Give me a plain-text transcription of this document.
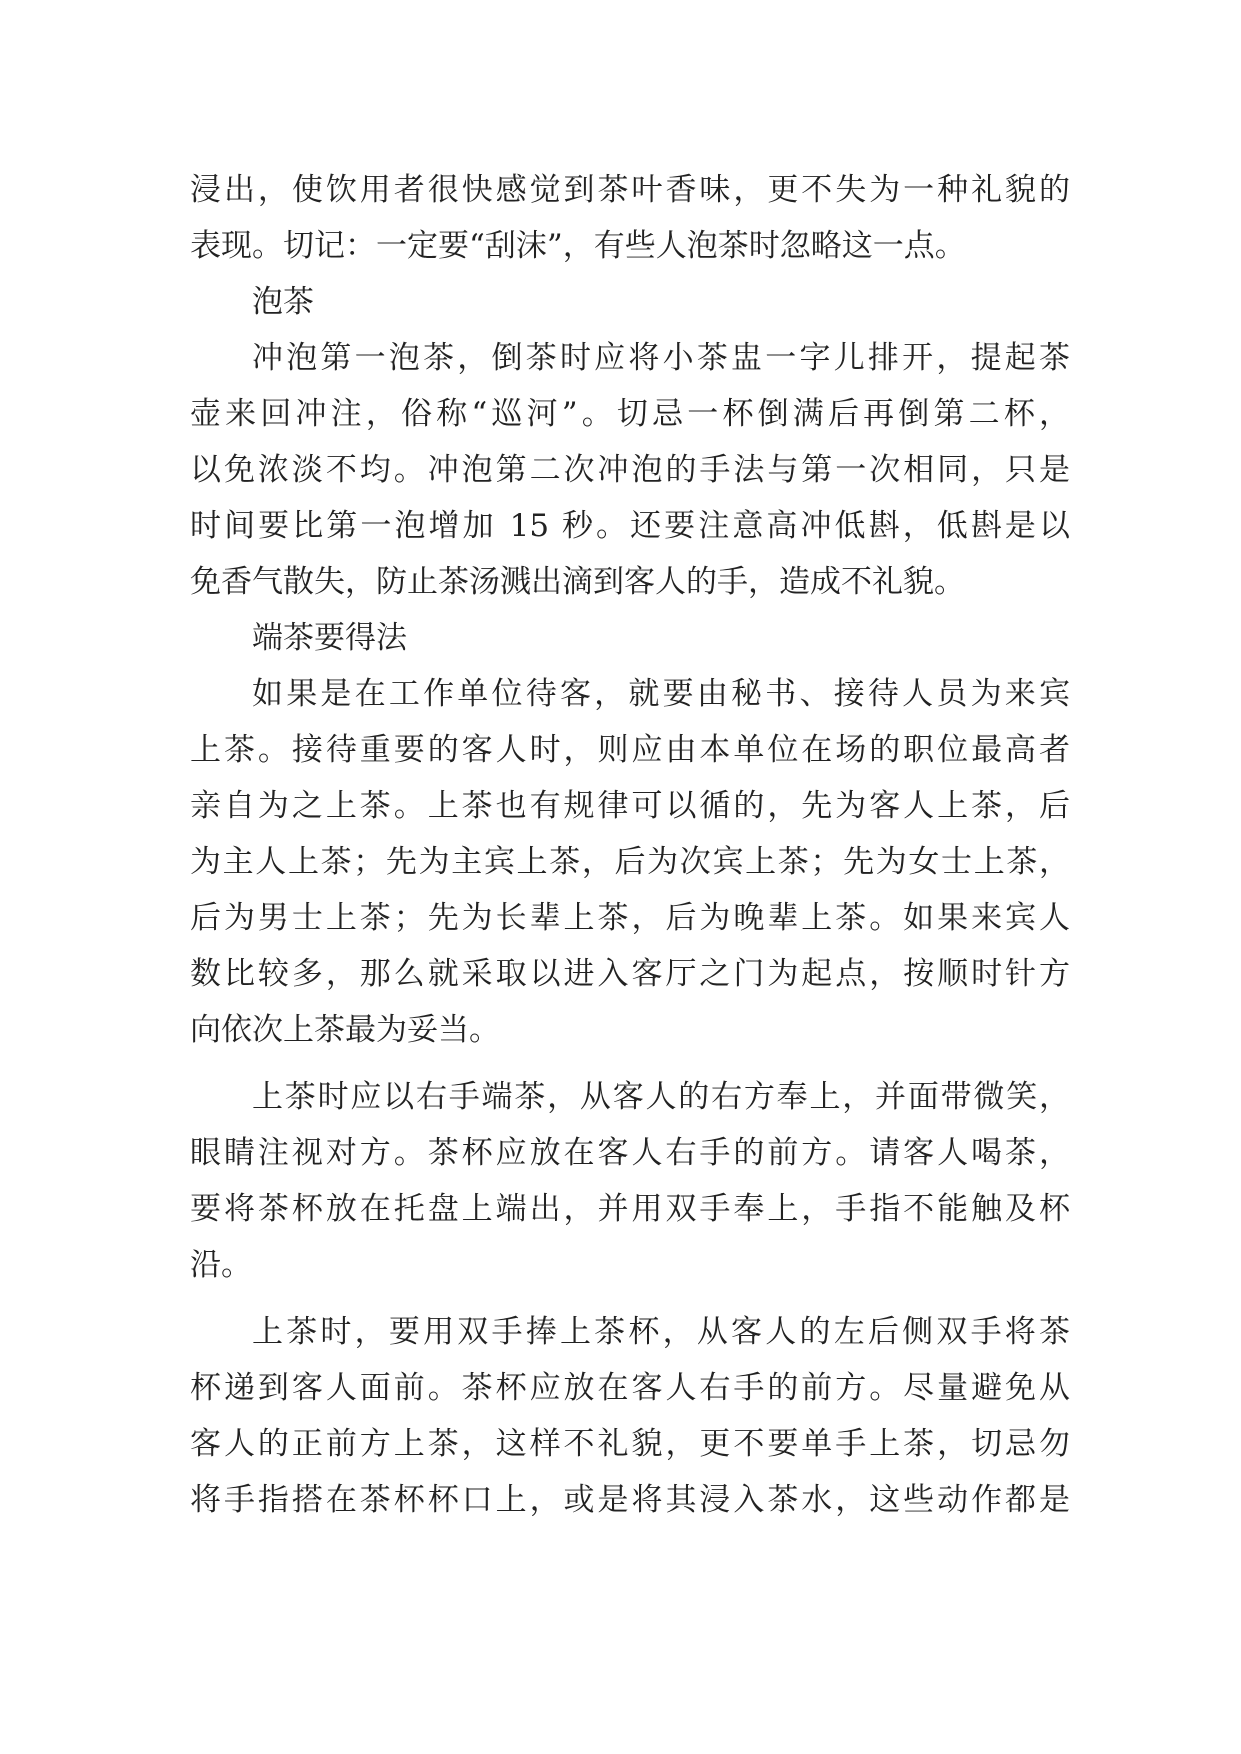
浸出，使饮用者很快感觉到茶叶香味，更不失为一种礼貌的
表现。切记：一定要“刮沫”，有些人泡茶时忽略这一点。
泡茶
冲泡第一泡茶，倒茶时应将小茶盅一字儿排开，提起茶
壶来回冲注，俗称“巡河”。切忌一杯倒满后再倒第二杯，
以免浓淡不均。冲泡第二次冲泡的手法与第一次相同，只是
时间要比第一泡增加 15 秒。还要注意高冲低斟，低斟是以
免香气散失，防止茶汤溅出滴到客人的手，造成不礼貌。
端茶要得法
如果是在工作单位待客，就要由秘书、接待人员为来宾
上茶。接待重要的客人时，则应由本单位在场的职位最高者
亲自为之上茶。上茶也有规律可以循的，先为客人上茶，后
为主人上茶；先为主宾上茶，后为次宾上茶；先为女士上茶，
后为男士上茶；先为长辈上茶，后为晚辈上茶。如果来宾人
数比较多，那么就采取以进入客厅之门为起点，按顺时针方
向依次上茶最为妥当。
上茶时应以右手端茶，从客人的右方奉上，并面带微笑，
眼睛注视对方。茶杯应放在客人右手的前方。请客人喝茶，
要将茶杯放在托盘上端出，并用双手奉上，手指不能触及杯
沿。
上茶时，要用双手捧上茶杯，从客人的左后侧双手将茶
杯递到客人面前。茶杯应放在客人右手的前方。尽量避免从
客人的正前方上茶，这样不礼貌，更不要单手上茶，切忌勿
将手指搭在茶杯杯口上，或是将其浸入茶水，这些动作都是
